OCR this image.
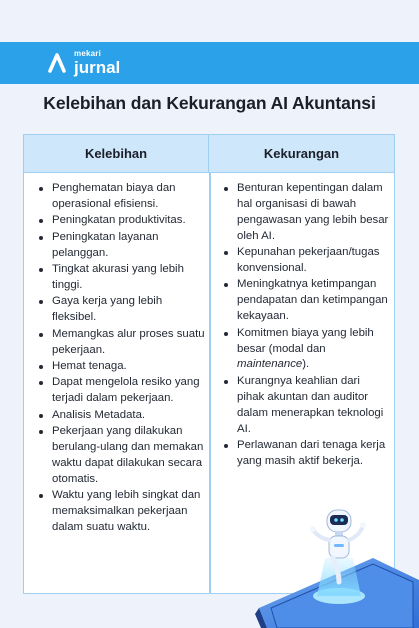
mekari
jurnal
Kelebihan dan Kekurangan AI Akuntansi
Kelebihan	Kekurangan
Penghematan biaya dan operasional efisiensi.
Peningkatan produktivitas.
Peningkatan layanan pelanggan.
Tingkat akurasi yang lebih tinggi.
Gaya kerja yang lebih fleksibel.
Memangkas alur proses suatu pekerjaan.
Hemat tenaga.
Dapat mengelola resiko yang terjadi dalam pekerjaan.
Analisis Metadata.
Pekerjaan yang dilakukan berulang-ulang dan memakan waktu dapat dilakukan secara otomatis.
Waktu yang lebih singkat dan memaksimalkan pekerjaan dalam suatu waktu.
Benturan kepentingan dalam hal organisasi di bawah pengawasan yang lebih besar oleh AI.
Kepunahan pekerjaan/tugas konvensional.
Meningkatnya ketimpangan pendapatan dan ketimpangan kekayaan.
Komitmen biaya yang lebih besar (modal dan maintenance).
Kurangnya keahlian dari pihak akuntan dan auditor dalam menerapkan teknologi AI.
Perlawanan dari tenaga kerja yang masih aktif bekerja.
